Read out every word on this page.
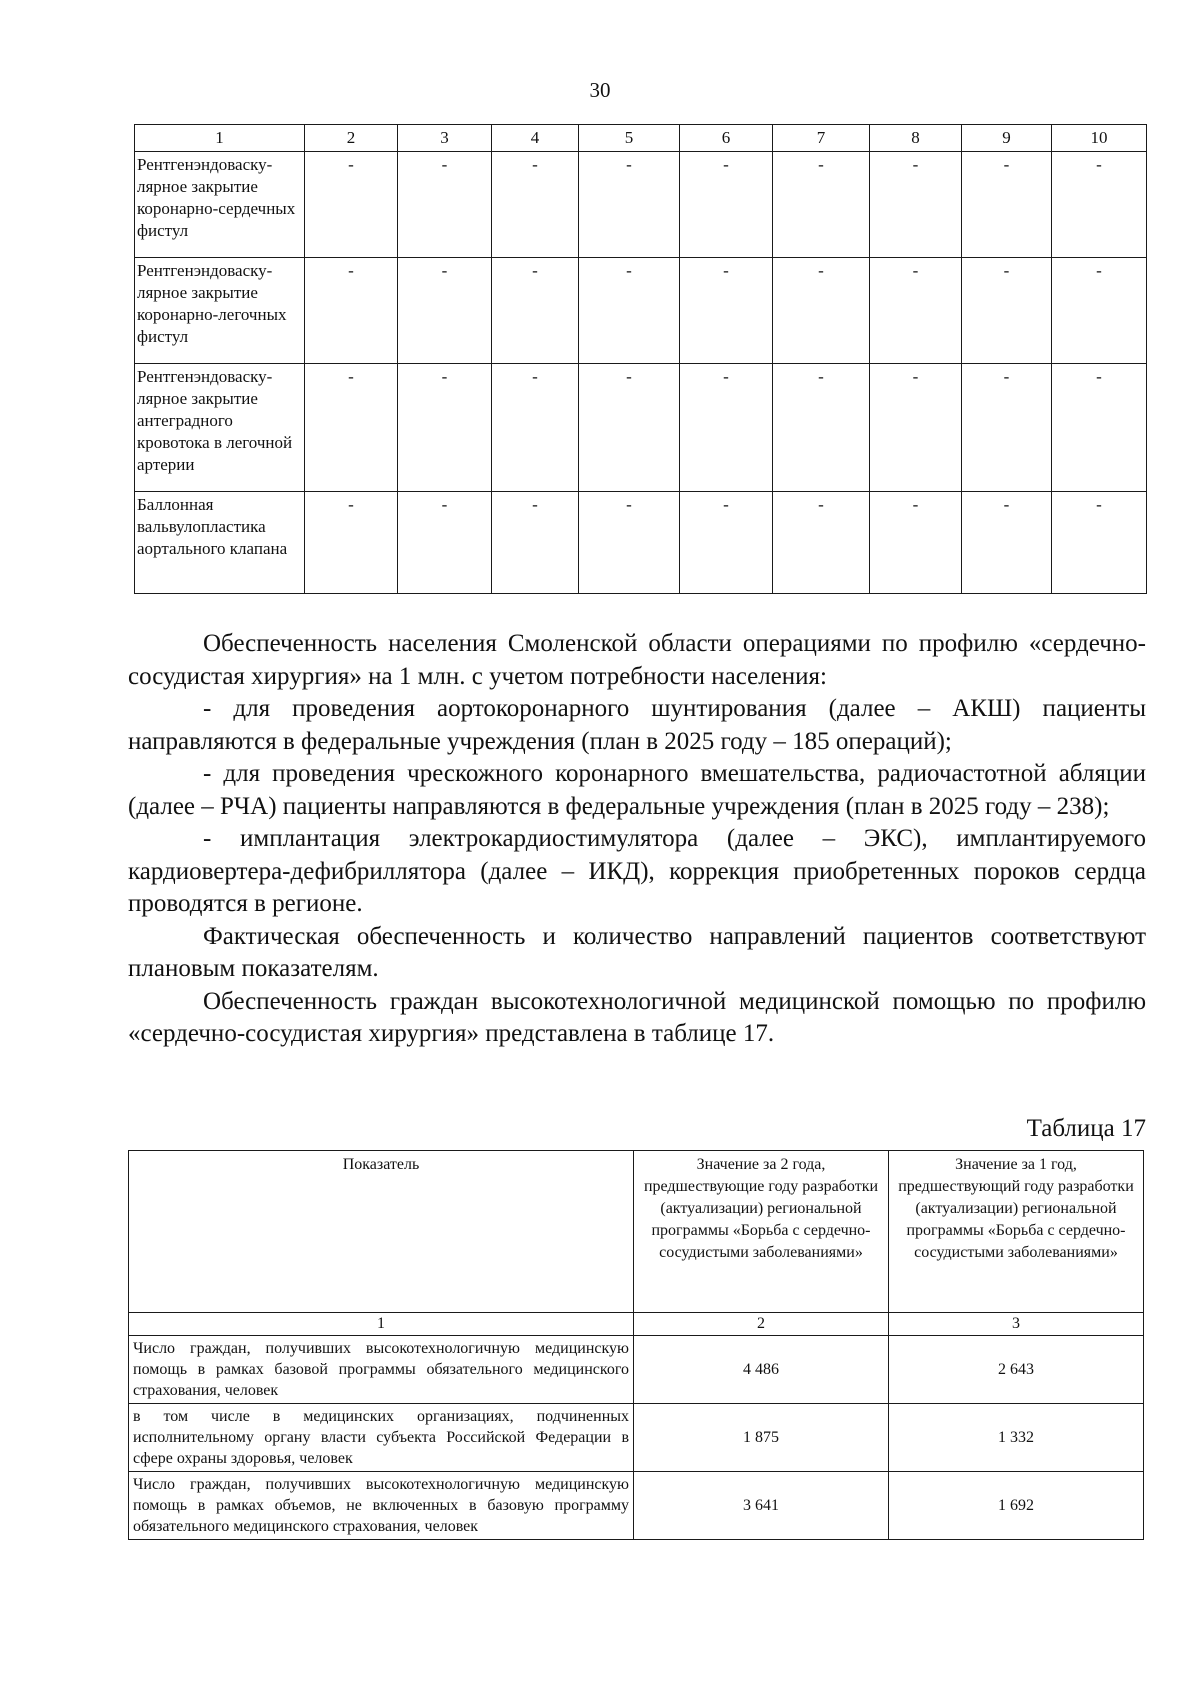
30
1	2	3	4	5	6	7	8	9	10
Рентгенэндоваску-лярное закрытие коронарно-сердечных фистул	-	-	-	-	-	-	-	-	-
Рентгенэндоваску-лярное закрытие коронарно-легочных фистул	-	-	-	-	-	-	-	-	-
Рентгенэндоваску-лярное закрытие антеградного кровотока в легочной артерии	-	-	-	-	-	-	-	-	-
Баллонная вальвулопластика аортального клапана	-	-	-	-	-	-	-	-	-

Обеспеченность населения Смоленской области операциями по профилю «сердечно-сосудистая хирургия» на 1 млн. с учетом потребности населения:

- для проведения аортокоронарного шунтирования (далее – АКШ) пациенты направляются в федеральные учреждения (план в 2025 году – 185 операций);

- для проведения чрескожного коронарного вмешательства, радиочастотной абляции (далее – РЧА) пациенты направляются в федеральные учреждения (план в 2025 году – 238);

- имплантация электрокардиостимулятора (далее – ЭКС), имплантируемого кардиовертера-дефибриллятора (далее – ИКД), коррекция приобретенных пороков сердца проводятся в регионе.

Фактическая обеспеченность и количество направлений пациентов соответствуют плановым показателям.

Обеспеченность граждан высокотехнологичной медицинской помощью по профилю «сердечно-сосудистая хирургия» представлена в таблице 17.

Таблица 17
Показатель	Значение за 2 года, предшествующие году разработки (актуализации) региональной программы «Борьба с сердечно-сосудистыми заболеваниями»	Значение за 1 год, предшествующий году разработки (актуализации) региональной программы «Борьба с сердечно-сосудистыми заболеваниями»
1	2	3
Число граждан, получивших высокотехнологичную медицинскую помощь в рамках базовой программы обязательного медицинского страхования, человек	4 486	2 643
в том числе в медицинских организациях, подчиненных исполнительному органу власти субъекта Российской Федерации в сфере охраны здоровья, человек	1 875	1 332
Число граждан, получивших высокотехнологичную медицинскую помощь в рамках объемов, не включенных в базовую программу обязательного медицинского страхования, человек	3 641	1 692
